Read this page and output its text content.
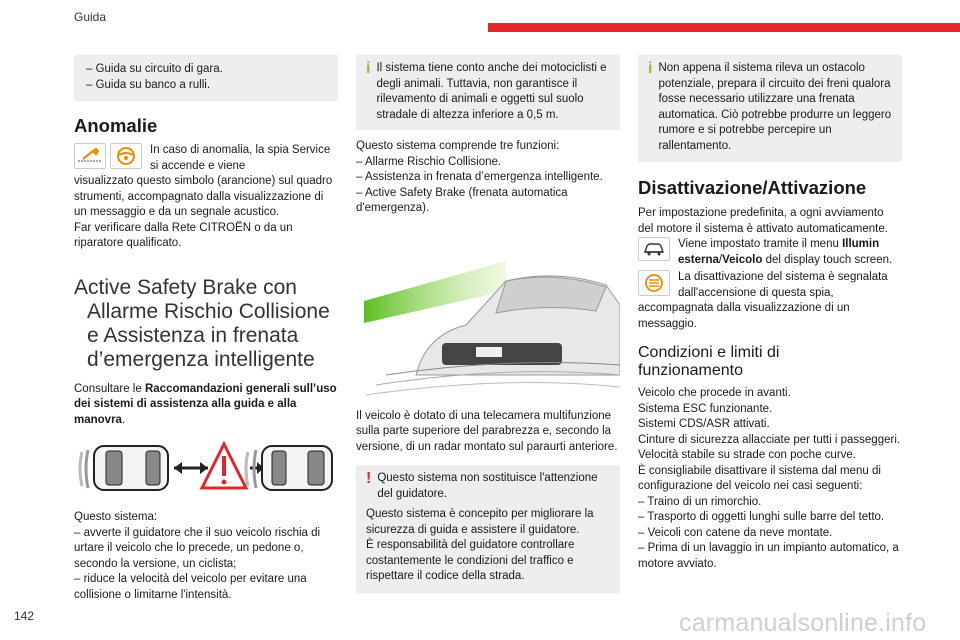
Guida
– Guida su circuito di gara.
– Guida su banco a rulli.
Anomalie

In caso di anomalia, la spia Service si accende e viene

visualizzato questo simbolo (arancione) sul quadro strumenti, accompagnato dalla visualizzazione di un messaggio e da un segnale acustico.

Far verificare dalla Rete CITROËN o da un riparatore qualificato.

Active Safety Brake con
Allarme Rischio Collisione
e Assistenza in frenata
d’emergenza intelligente

Consultare le Raccomandazioni generali sull’uso dei sistemi di assistenza alla guida e alla manovra.

Questo sistema:

– avverte il guidatore che il suo veicolo rischia di urtare il veicolo che lo precede, un pedone o, secondo la versione, un ciclista;

– riduce la velocità del veicolo per evitare una collisione o limitarne l'intensità.

i Il sistema tiene conto anche dei motociclisti e degli animali. Tuttavia, non garantisce il rilevamento di animali e oggetti sul suolo stradale di altezza inferiore a 0,5 m.

Questo sistema comprende tre funzioni:

– Allarme Rischio Collisione.

– Assistenza in frenata d’emergenza intelligente.

– Active Safety Brake (frenata automatica d'emergenza).

Il veicolo è dotato di una telecamera multifunzione sulla parte superiore del parabrezza e, secondo la versione, di un radar montato sul paraurti anteriore.

! Questo sistema non sostituisce l'attenzione del guidatore.

Questo sistema è concepito per migliorare la sicurezza di guida e assistere il guidatore.

È responsabilità del guidatore controllare costantemente le condizioni del traffico e rispettare il codice della strada.

i Non appena il sistema rileva un ostacolo potenziale, prepara il circuito dei freni qualora fosse necessario utilizzare una frenata automatica. Ciò potrebbe produrre un leggero rumore e si potrebbe percepire un rallentamento.

Disattivazione/Attivazione

Per impostazione predefinita, a ogni avviamento del motore il sistema è attivato automaticamente.

Viene impostato tramite il menu Illumin esterna/Veicolo del display touch screen.

La disattivazione del sistema è segnalata dall'accensione di questa spia,

accompagnata dalla visualizzazione di un messaggio.

Condizioni e limiti di
funzionamento

Veicolo che procede in avanti.

Sistema ESC funzionante.

Sistemi CDS/ASR attivati.

Cinture di sicurezza allacciate per tutti i passeggeri.

Velocità stabile su strade con poche curve.

È consigliabile disattivare il sistema dal menu di configurazione del veicolo nei casi seguenti:

– Traino di un rimorchio.

– Trasporto di oggetti lunghi sulle barre del tetto.

– Veicoli con catene da neve montate.

– Prima di un lavaggio in un impianto automatico, a motore avviato.

142	carmanualsonline.info
